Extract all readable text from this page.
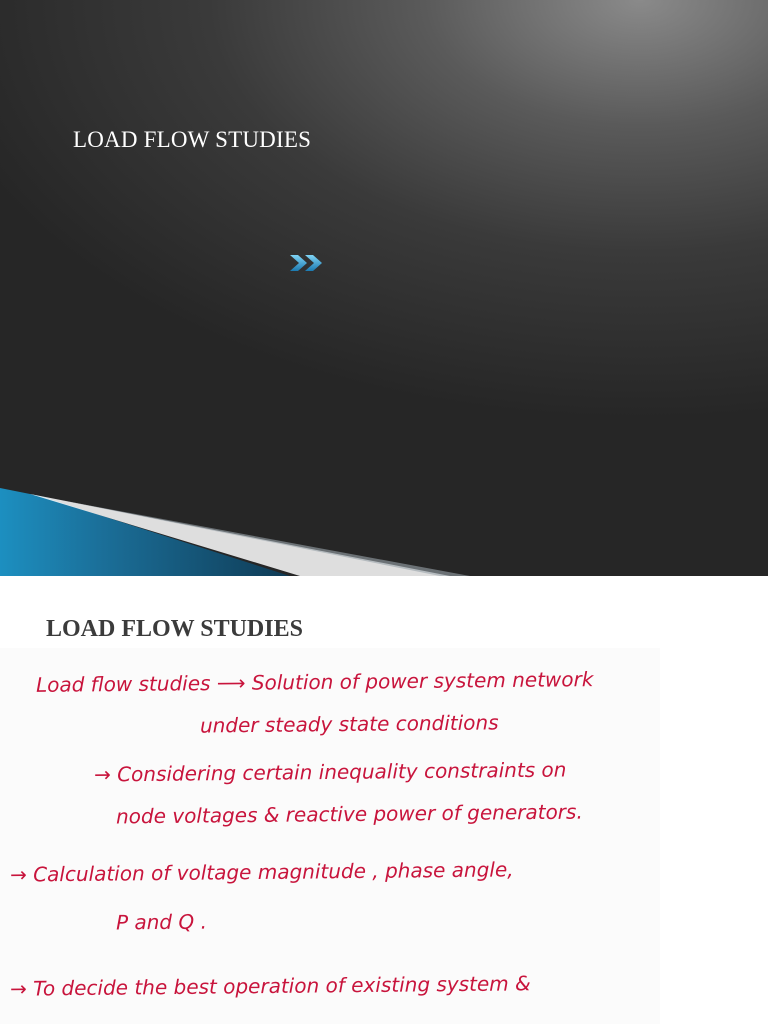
LOAD FLOW STUDIES
LOAD FLOW STUDIES
Load flow studies ⟶ Solution of power system network
under steady state conditions
→ Considering certain inequality constraints on
node voltages & reactive power of generators.
→ Calculation of voltage magnitude , phase angle,
P and Q .
→ To decide the best operation of existing system &
